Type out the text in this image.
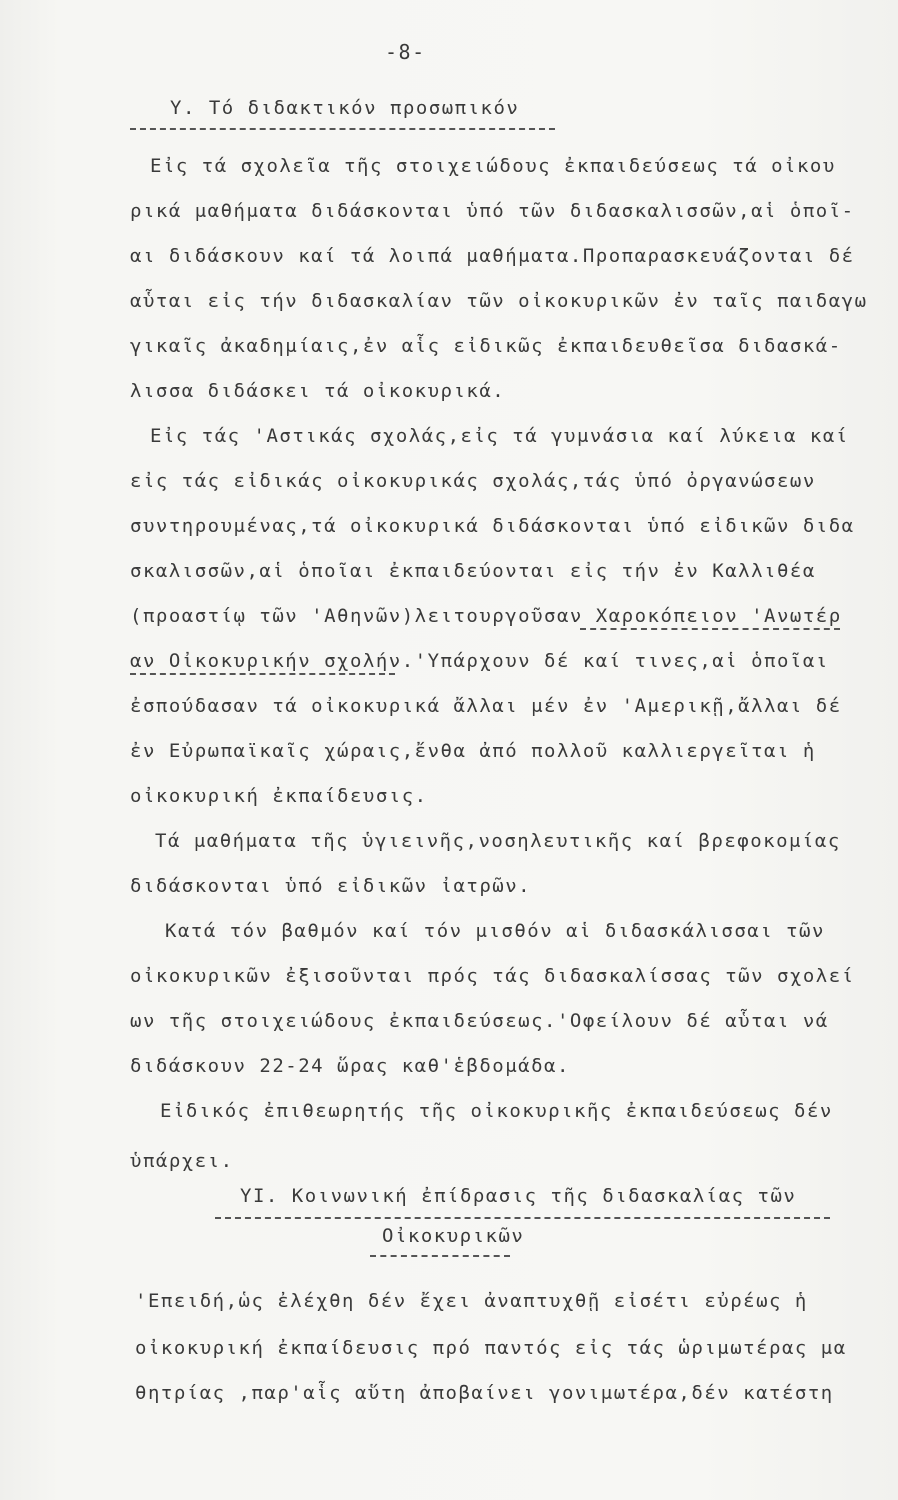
-8-
Υ. Τό διδακτικόν προσωπικόν
Εἰς τά σχολεῖα τῆς στοιχειώδους ἐκπαιδεύσεως τά οἰκου
ρικά μαθήματα διδάσκονται ὑπό τῶν διδασκαλισσῶν,αἱ ὁποῖ-
αι διδάσκουν καί τά λοιπά μαθήματα.Προπαρασκευάζονται δέ
αὗται εἰς τήν διδασκαλίαν τῶν οἰκοκυρικῶν ἐν ταῖς παιδαγω
γικαῖς ἀκαδημίαις,ἐν αἷς εἰδικῶς ἐκπαιδευθεῖσα διδασκά-
λισσα διδάσκει τά οἰκοκυρικά.
Εἰς τάς 'Αστικάς σχολάς,εἰς τά γυμνάσια καί λύκεια καί
εἰς τάς εἰδικάς οἰκοκυρικάς σχολάς,τάς ὑπό ὀργανώσεων
συντηρουμένας,τά οἰκοκυρικά διδάσκονται ὑπό εἰδικῶν διδα
σκαλισσῶν,αἱ ὁποῖαι ἐκπαιδεύονται εἰς τήν ἐν Καλλιθέα
(προαστίῳ τῶν 'Αθηνῶν)λειτουργοῦσαν Χαροκόπειον 'Ανωτέρ
αν Οἰκοκυρικήν σχολήν.'Υπάρχουν δέ καί τινες,αἱ ὁποῖαι
ἐσπούδασαν τά οἰκοκυρικά ἄλλαι μέν ἐν 'Αμερικῇ,ἄλλαι δέ
ἐν Εὐρωπαϊκαῖς χώραις,ἔνθα ἀπό πολλοῦ καλλιεργεῖται ἡ
οἰκοκυρική ἐκπαίδευσις.
Τά μαθήματα τῆς ὑγιεινῆς,νοσηλευτικῆς καί βρεφοκομίας
διδάσκονται ὑπό εἰδικῶν ἰατρῶν.
Κατά τόν βαθμόν καί τόν μισθόν αἱ διδασκάλισσαι τῶν
οἰκοκυρικῶν ἐξισοῦνται πρός τάς διδασκαλίσσας τῶν σχολεί
ων τῆς στοιχειώδους ἐκπαιδεύσεως.'Οφείλουν δέ αὗται νά
διδάσκουν 22-24 ὥρας καθ'ἑβδομάδα.
Εἰδικός ἐπιθεωρητής τῆς οἰκοκυρικῆς ἐκπαιδεύσεως δέν
ὑπάρχει.
ΥΙ. Κοινωνική ἐπίδρασις τῆς διδασκαλίας τῶν
Οἰκοκυρικῶν
'Επειδή,ὡς ἐλέχθη δέν ἔχει ἀναπτυχθῇ εἰσέτι εὐρέως ἡ
οἰκοκυρική ἐκπαίδευσις πρό παντός εἰς τάς ὡριμωτέρας μα
θητρίας ,παρ'αἷς αὕτη ἀποβαίνει γονιμωτέρα,δέν κατέστη
